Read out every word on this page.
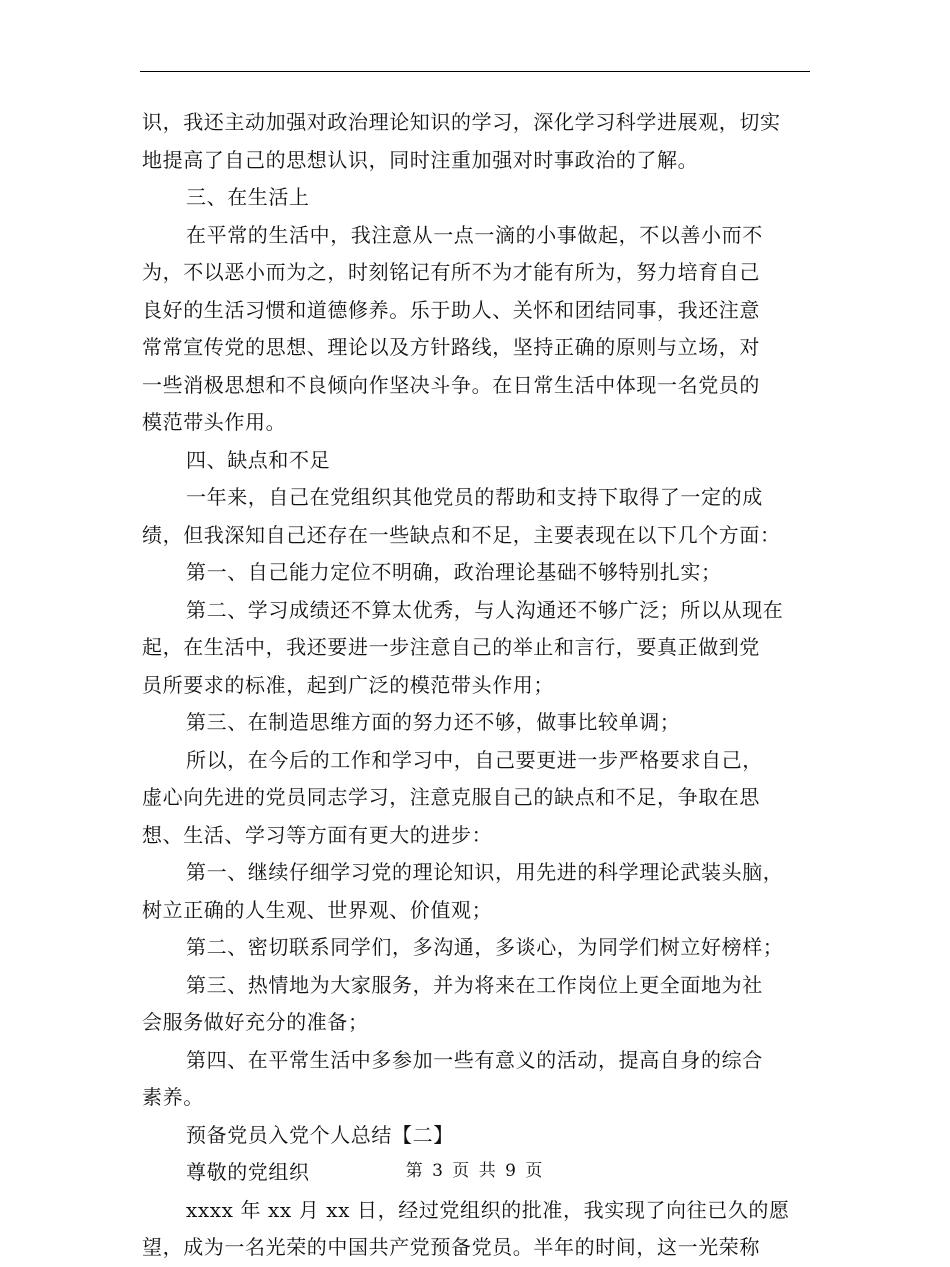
识，我还主动加强对政治理论知识的学习，深化学习科学进展观，切实
地提高了自己的思想认识，同时注重加强对时事政治的了解。
三、在生活上
在平常的生活中，我注意从一点一滴的小事做起，不以善小而不
为，不以恶小而为之，时刻铭记有所不为才能有所为，努力培育自己
良好的生活习惯和道德修养。乐于助人、关怀和团结同事，我还注意
常常宣传党的思想、理论以及方针路线，坚持正确的原则与立场，对
一些消极思想和不良倾向作坚决斗争。在日常生活中体现一名党员的
模范带头作用。
四、缺点和不足
一年来，自己在党组织其他党员的帮助和支持下取得了一定的成
绩，但我深知自己还存在一些缺点和不足，主要表现在以下几个方面：
第一、自己能力定位不明确，政治理论基础不够特别扎实；
第二、学习成绩还不算太优秀，与人沟通还不够广泛；所以从现在
起，在生活中，我还要进一步注意自己的举止和言行，要真正做到党
员所要求的标准，起到广泛的模范带头作用；
第三、在制造思维方面的努力还不够，做事比较单调；
所以，在今后的工作和学习中，自己要更进一步严格要求自己，
虚心向先进的党员同志学习，注意克服自己的缺点和不足，争取在思
想、生活、学习等方面有更大的进步：
第一、继续仔细学习党的理论知识，用先进的科学理论武装头脑，
树立正确的人生观、世界观、价值观；
第二、密切联系同学们，多沟通，多谈心，为同学们树立好榜样；
第三、热情地为大家服务，并为将来在工作岗位上更全面地为社
会服务做好充分的准备；
第四、在平常生活中多参加一些有意义的活动，提高自身的综合
素养。
预备党员入党个人总结【二】
尊敬的党组织
xxxx 年 xx 月 xx 日，经过党组织的批准，我实现了向往已久的愿
望，成为一名光荣的中国共产党预备党员。半年的时间，这一光荣称
第 3 页 共 9 页
